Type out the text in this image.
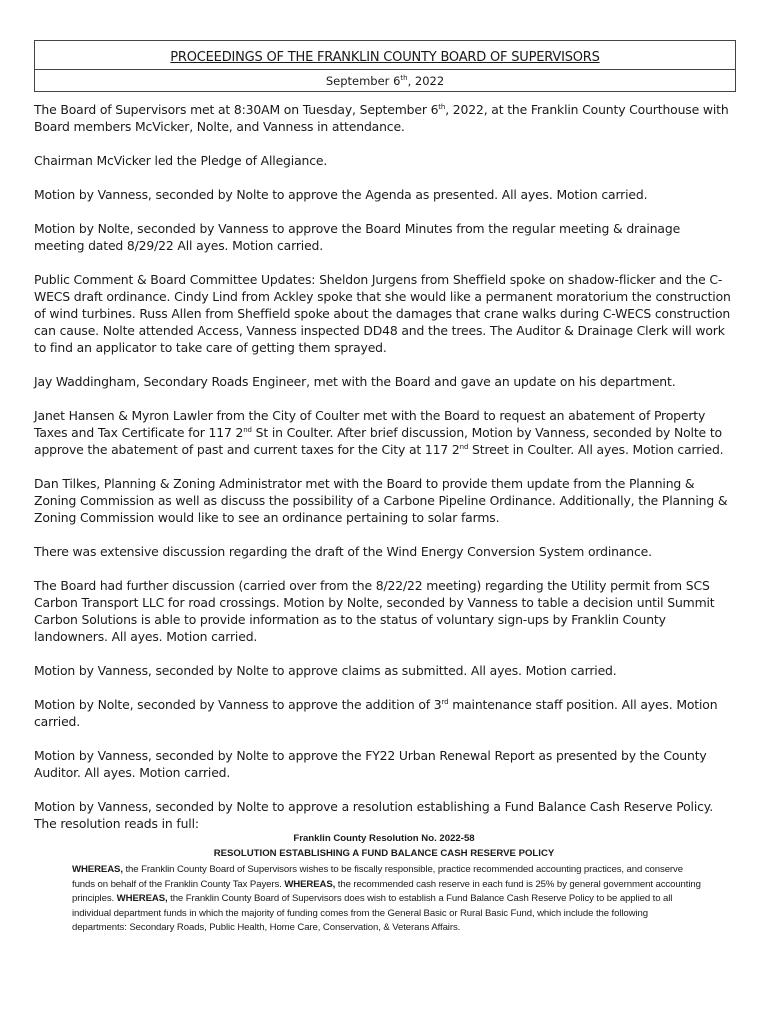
PROCEEDINGS OF THE FRANKLIN COUNTY BOARD OF SUPERVISORS
September 6th, 2022

The Board of Supervisors met at 8:30AM on Tuesday, September 6th, 2022, at the Franklin County Courthouse with Board members McVicker, Nolte, and Vanness in attendance.

Chairman McVicker led the Pledge of Allegiance.

Motion by Vanness, seconded by Nolte to approve the Agenda as presented. All ayes. Motion carried.

Motion by Nolte, seconded by Vanness to approve the Board Minutes from the regular meeting & drainage meeting dated 8/29/22 All ayes. Motion carried.

Public Comment & Board Committee Updates: Sheldon Jurgens from Sheffield spoke on shadow-flicker and the C-WECS draft ordinance. Cindy Lind from Ackley spoke that she would like a permanent moratorium the construction of wind turbines. Russ Allen from Sheffield spoke about the damages that crane walks during C-WECS construction can cause. Nolte attended Access, Vanness inspected DD48 and the trees. The Auditor & Drainage Clerk will work to find an applicator to take care of getting them sprayed.

Jay Waddingham, Secondary Roads Engineer, met with the Board and gave an update on his department.

Janet Hansen & Myron Lawler from the City of Coulter met with the Board to request an abatement of Property Taxes and Tax Certificate for 117 2nd St in Coulter. After brief discussion, Motion by Vanness, seconded by Nolte to approve the abatement of past and current taxes for the City at 117 2nd Street in Coulter. All ayes. Motion carried.

Dan Tilkes, Planning & Zoning Administrator met with the Board to provide them update from the Planning & Zoning Commission as well as discuss the possibility of a Carbone Pipeline Ordinance. Additionally, the Planning & Zoning Commission would like to see an ordinance pertaining to solar farms.

There was extensive discussion regarding the draft of the Wind Energy Conversion System ordinance.

The Board had further discussion (carried over from the 8/22/22 meeting) regarding the Utility permit from SCS Carbon Transport LLC for road crossings. Motion by Nolte, seconded by Vanness to table a decision until Summit Carbon Solutions is able to provide information as to the status of voluntary sign-ups by Franklin County landowners. All ayes. Motion carried.

Motion by Vanness, seconded by Nolte to approve claims as submitted. All ayes. Motion carried.

Motion by Nolte, seconded by Vanness to approve the addition of 3rd maintenance staff position. All ayes. Motion carried.

Motion by Vanness, seconded by Nolte to approve the FY22 Urban Renewal Report as presented by the County Auditor. All ayes. Motion carried.

Motion by Vanness, seconded by Nolte to approve a resolution establishing a Fund Balance Cash Reserve Policy. The resolution reads in full:

Franklin County Resolution No. 2022-58
RESOLUTION ESTABLISHING A FUND BALANCE CASH RESERVE POLICY
WHEREAS, the Franklin County Board of Supervisors wishes to be fiscally responsible, practice recommended accounting practices, and conserve funds on behalf of the Franklin County Tax Payers. WHEREAS, the recommended cash reserve in each fund is 25% by general government accounting principles. WHEREAS, the Franklin County Board of Supervisors does wish to establish a Fund Balance Cash Reserve Policy to be applied to all individual department funds in which the majority of funding comes from the General Basic or Rural Basic Fund, which include the following departments: Secondary Roads, Public Health, Home Care, Conservation, & Veterans Affairs.
